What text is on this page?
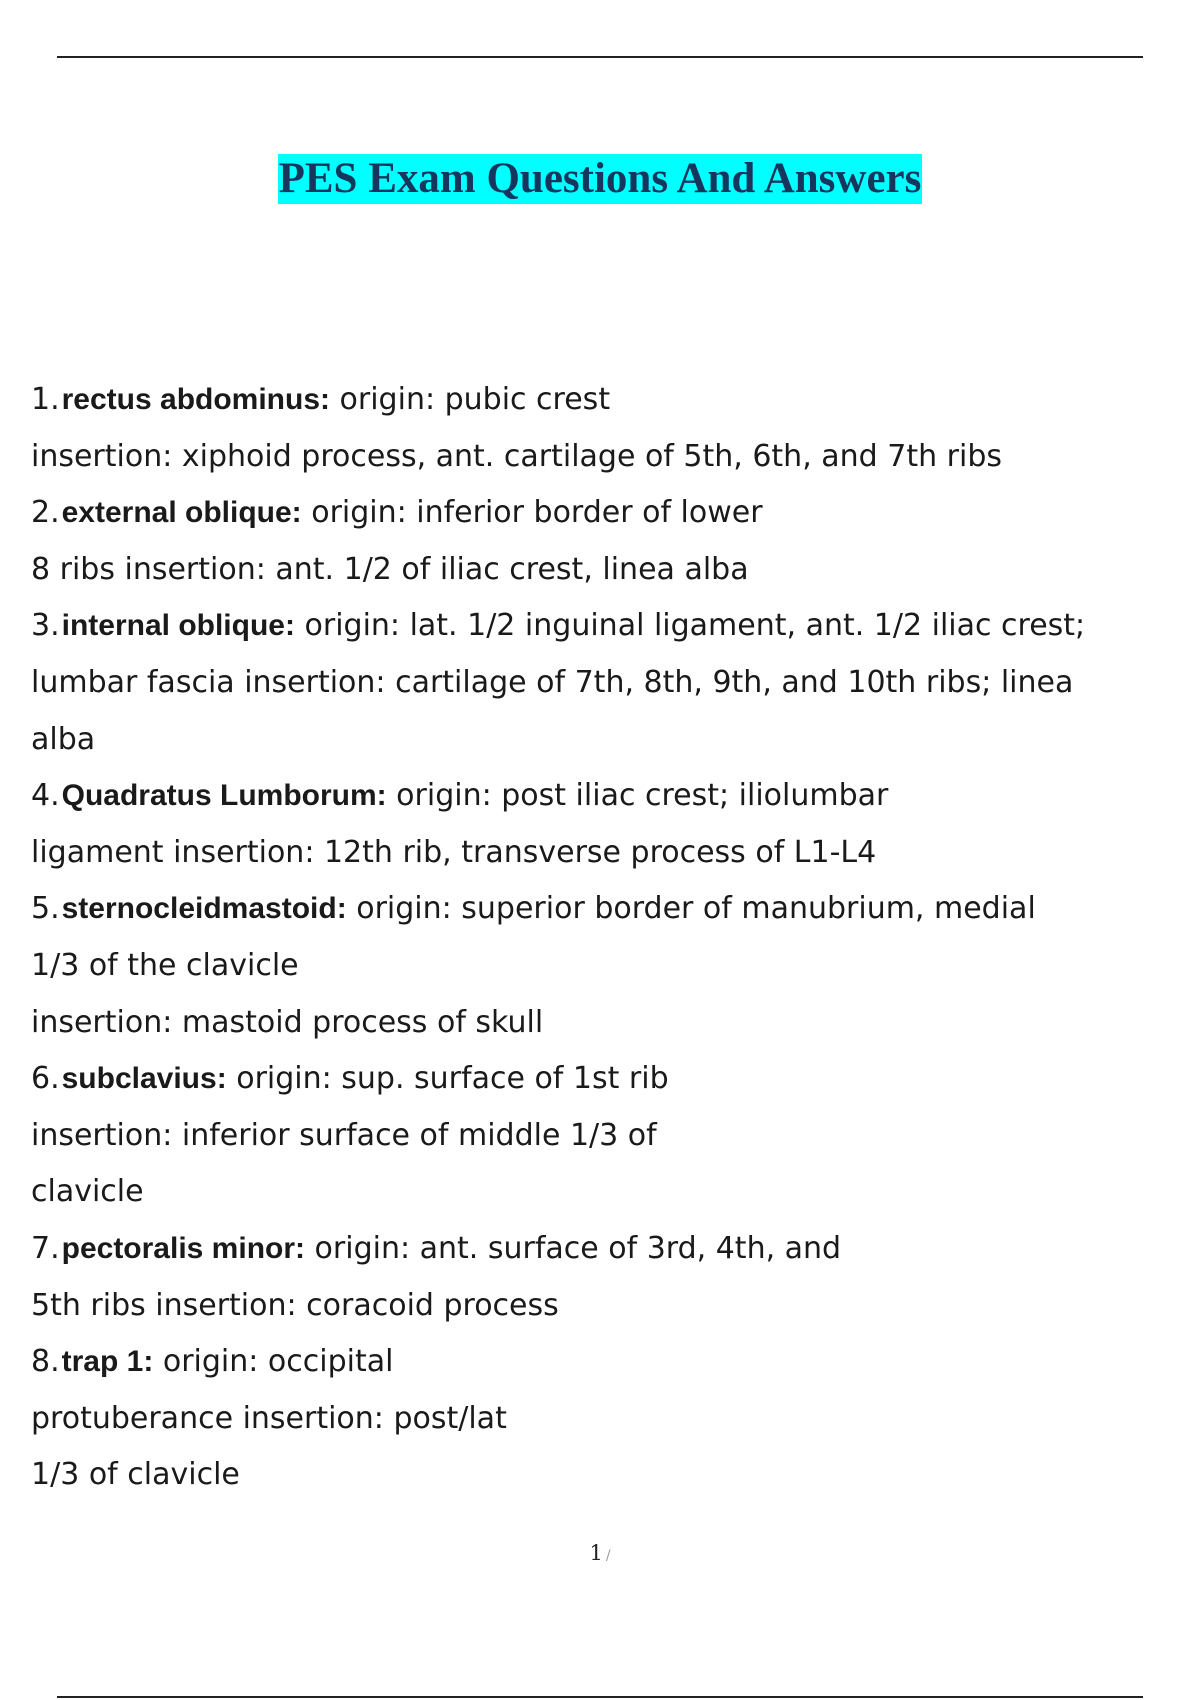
PES Exam Questions And Answers
1.rectus abdominus: origin: pubic crest
insertion: xiphoid process, ant. cartilage of 5th, 6th, and 7th ribs
2.external oblique: origin: inferior border of lower
8 ribs insertion: ant. 1/2 of iliac crest, linea alba
3.internal oblique: origin: lat. 1/2 inguinal ligament, ant. 1/2 iliac crest;
lumbar fascia insertion: cartilage of 7th, 8th, 9th, and 10th ribs; linea
alba
4.Quadratus Lumborum: origin: post iliac crest; iliolumbar
ligament insertion: 12th rib, transverse process of L1-L4
5.sternocleidmastoid: origin: superior border of manubrium, medial
1/3 of the clavicle
insertion: mastoid process of skull
6.subclavius: origin: sup. surface of 1st rib
insertion: inferior surface of middle 1/3 of
clavicle
7.pectoralis minor: origin: ant. surface of 3rd, 4th, and
5th ribs insertion: coracoid process
8.trap 1: origin: occipital
protuberance insertion: post/lat
1/3 of clavicle
1 /
